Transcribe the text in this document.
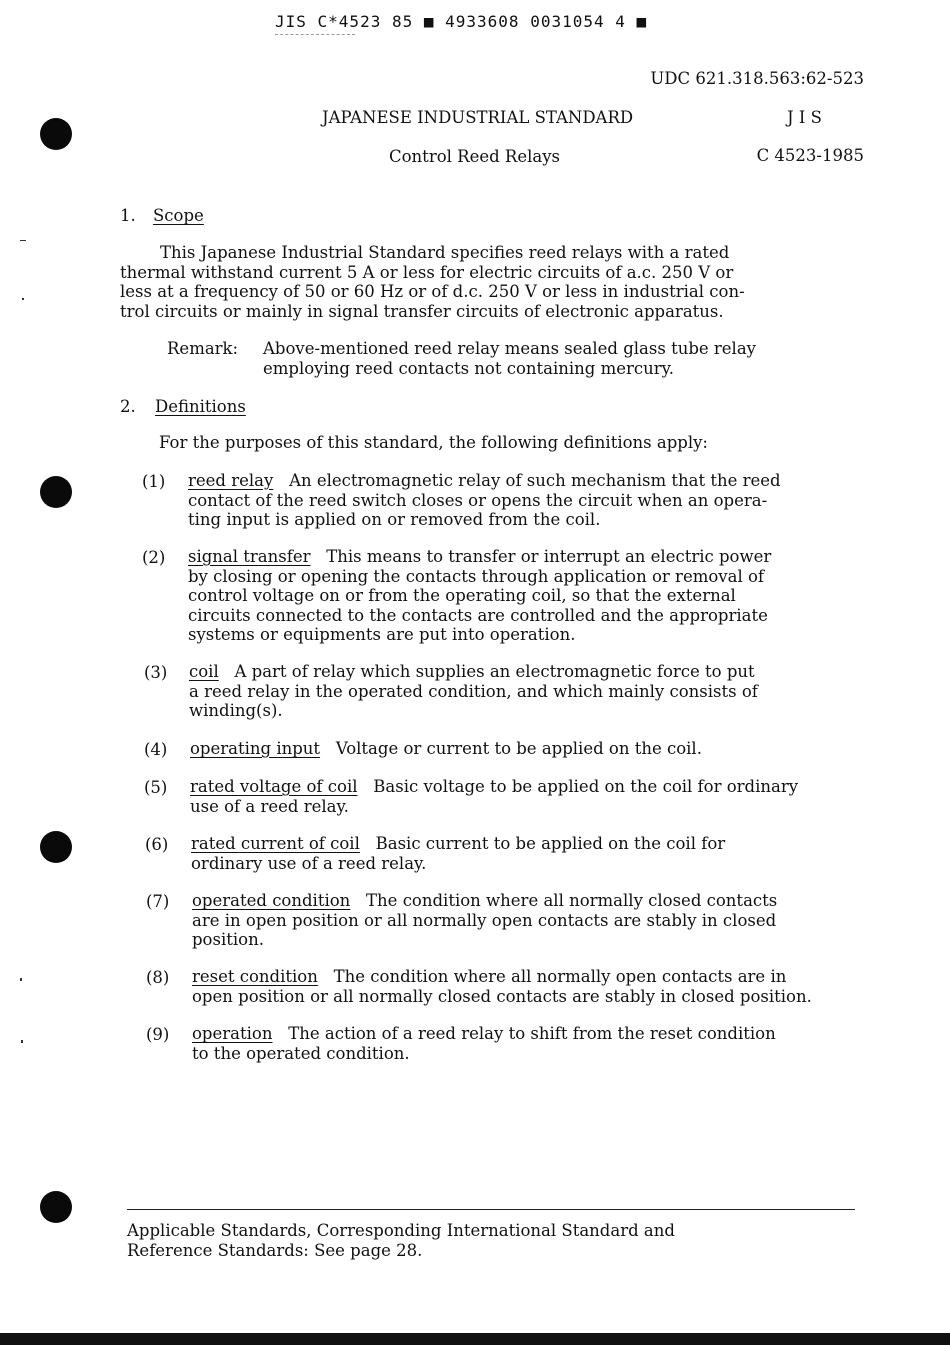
JIS C*4523 85 ■ 4933608 0031054 4 ■
UDC 621.318.563:62-523
JAPANESE INDUSTRIAL STANDARD	J I S
Control Reed Relays	C 4523-1985
1. Scope
This Japanese Industrial Standard specifies reed relays with a rated
thermal withstand current 5 A or less for electric circuits of a.c. 250 V or
less at a frequency of 50 or 60 Hz or of d.c. 250 V or less in industrial con-
trol circuits or mainly in signal transfer circuits of electronic apparatus.
Remark: Above-mentioned reed relay means sealed glass tube relay
employing reed contacts not containing mercury.
2. Definitions
For the purposes of this standard, the following definitions apply:
(1) reed relay An electromagnetic relay of such mechanism that the reed
contact of the reed switch closes or opens the circuit when an opera-
ting input is applied on or removed from the coil.
(2) signal transfer This means to transfer or interrupt an electric power
by closing or opening the contacts through application or removal of
control voltage on or from the operating coil, so that the external
circuits connected to the contacts are controlled and the appropriate
systems or equipments are put into operation.
(3) coil A part of relay which supplies an electromagnetic force to put
a reed relay in the operated condition, and which mainly consists of
winding(s).
(4) operating input Voltage or current to be applied on the coil.
(5) rated voltage of coil Basic voltage to be applied on the coil for ordinary
use of a reed relay.
(6) rated current of coil Basic current to be applied on the coil for
ordinary use of a reed relay.
(7) operated condition The condition where all normally closed contacts
are in open position or all normally open contacts are stably in closed
position.
(8) reset condition The condition where all normally open contacts are in
open position or all normally closed contacts are stably in closed position.
(9) operation The action of a reed relay to shift from the reset condition
to the operated condition.
Applicable Standards, Corresponding International Standard and
Reference Standards: See page 28.
